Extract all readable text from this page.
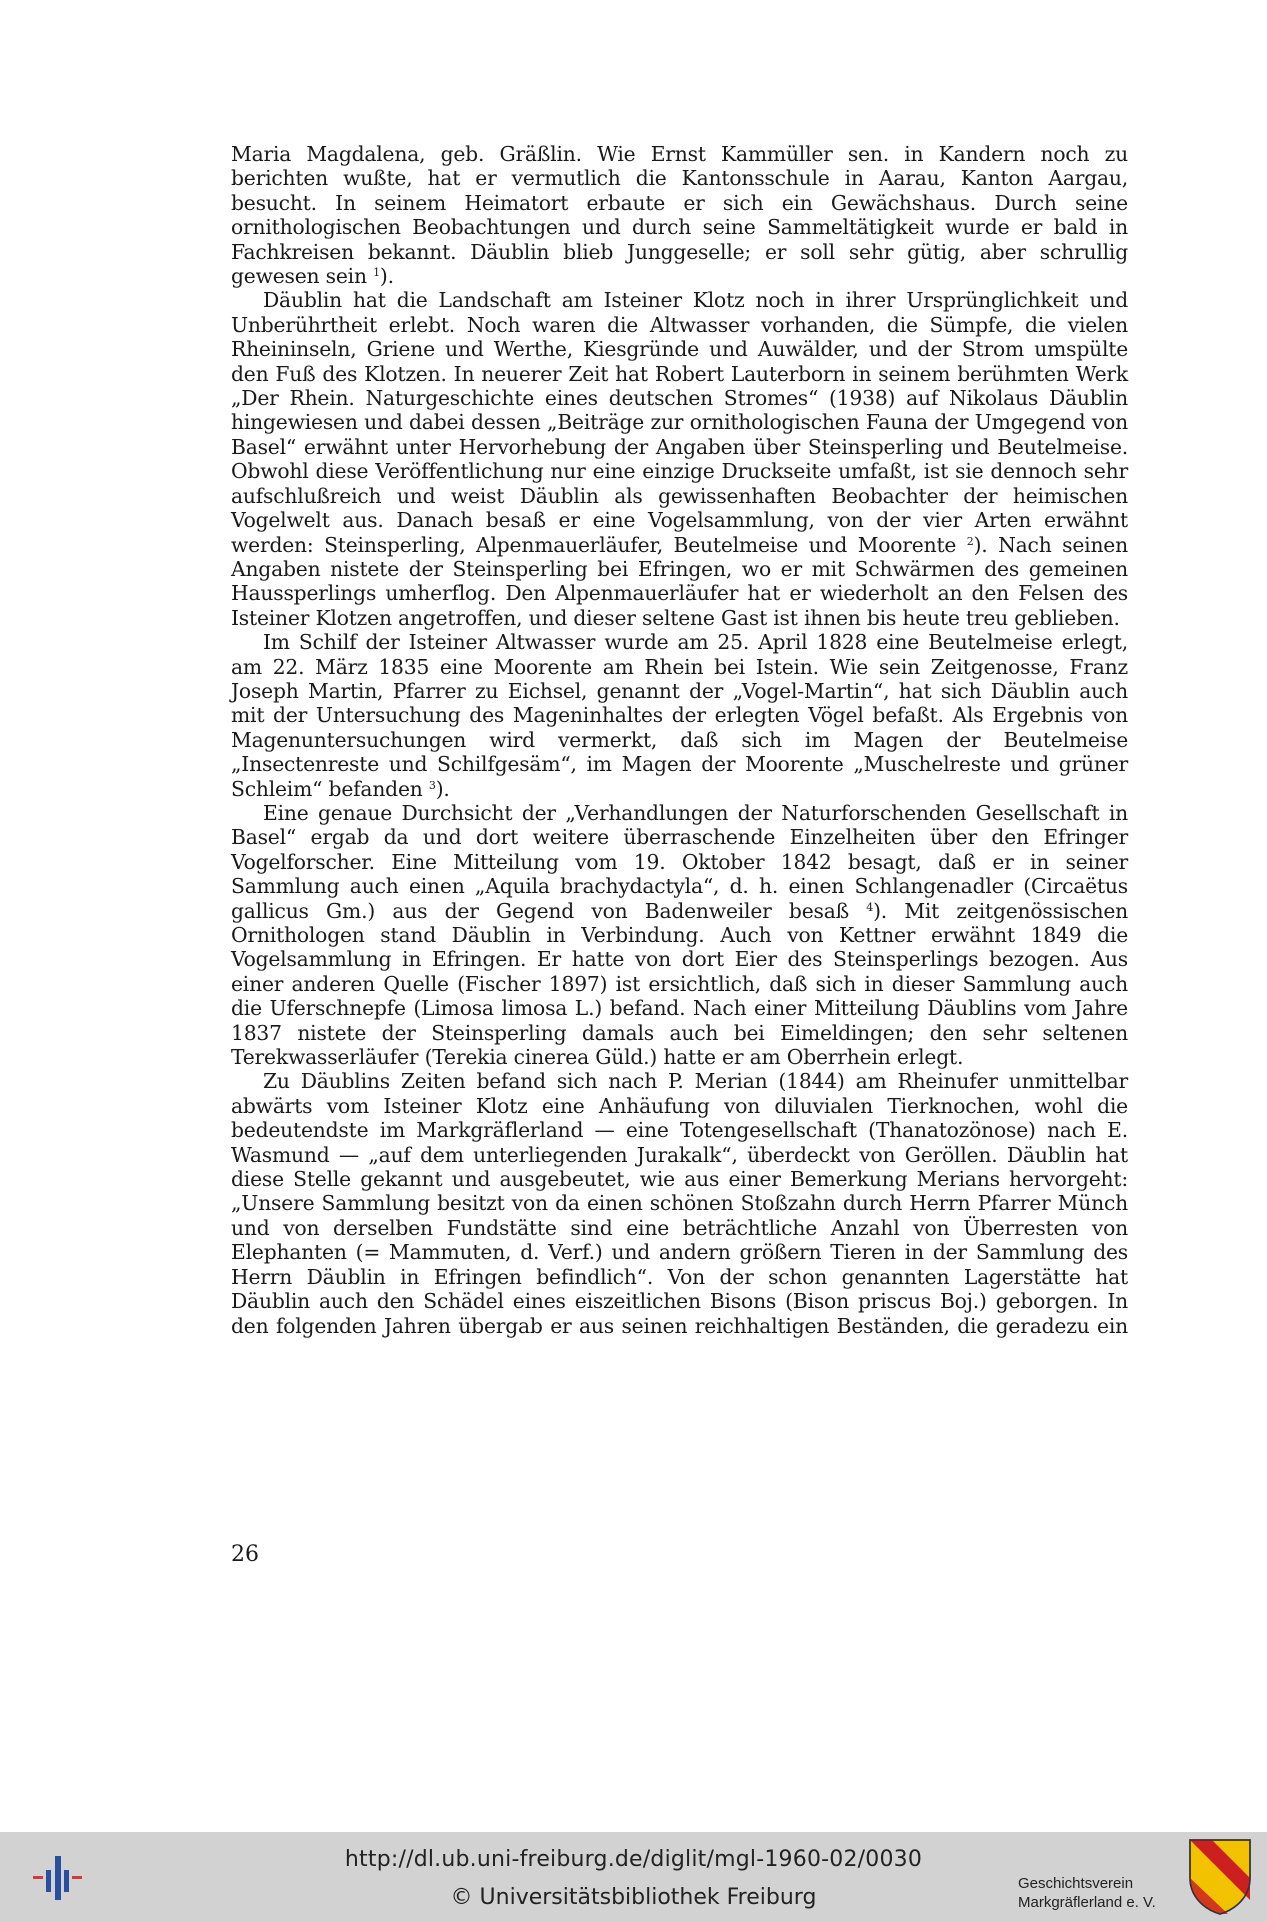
Maria Magdalena, geb. Gräßlin. Wie Ernst Kammüller sen. in Kandern noch zu berichten wußte, hat er vermutlich die Kantonsschule in Aarau, Kanton Aargau, besucht. In seinem Heimatort erbaute er sich ein Gewächshaus. Durch seine ornithologischen Beobachtungen und durch seine Sammeltätigkeit wurde er bald in Fachkreisen bekannt. Däublin blieb Junggeselle; er soll sehr gütig, aber schrullig gewesen sein $^1$).

Däublin hat die Landschaft am Isteiner Klotz noch in ihrer Ursprünglichkeit und Unberührtheit erlebt. Noch waren die Altwasser vorhanden, die Sümpfe, die vielen Rheininseln, Griene und Werthe, Kiesgründe und Auwälder, und der Strom umspülte den Fuß des Klotzen. In neuerer Zeit hat Robert Lauterborn in seinem berühmten Werk „Der Rhein. Naturgeschichte eines deutschen Stromes“ (1938) auf Nikolaus Däublin hingewiesen und dabei dessen „Beiträge zur ornithologischen Fauna der Umgegend von Basel“ erwähnt unter Hervorhebung der Angaben über Steinsperling und Beutelmeise. Obwohl diese Veröffentlichung nur eine einzige Druckseite umfaßt, ist sie dennoch sehr aufschlußreich und weist Däublin als gewissenhaften Beobachter der heimischen Vogelwelt aus. Danach besaß er eine Vogelsammlung, von der vier Arten erwähnt werden: Steinsperling, Alpenmauerläufer, Beutelmeise und Moorente $^2$). Nach seinen Angaben nistete der Steinsperling bei Efringen, wo er mit Schwärmen des gemeinen Haussperlings umherflog. Den Alpenmauerläufer hat er wiederholt an den Felsen des Isteiner Klotzen angetroffen, und dieser seltene Gast ist ihnen bis heute treu geblieben.

Im Schilf der Isteiner Altwasser wurde am 25. April 1828 eine Beutelmeise erlegt, am 22. März 1835 eine Moorente am Rhein bei Istein. Wie sein Zeitgenosse, Franz Joseph Martin, Pfarrer zu Eichsel, genannt der „Vogel-Martin“, hat sich Däublin auch mit der Untersuchung des Mageninhaltes der erlegten Vögel befaßt. Als Ergebnis von Magenuntersuchungen wird vermerkt, daß sich im Magen der Beutelmeise „Insectenreste und Schilfgesäm“, im Magen der Moorente „Muschelreste und grüner Schleim“ befanden $^3$).

Eine genaue Durchsicht der „Verhandlungen der Naturforschenden Gesellschaft in Basel“ ergab da und dort weitere überraschende Einzelheiten über den Efringer Vogelforscher. Eine Mitteilung vom 19. Oktober 1842 besagt, daß er in seiner Sammlung auch einen „Aquila brachydactyla“, d. h. einen Schlangenadler (Circaëtus gallicus Gm.) aus der Gegend von Badenweiler besaß $^4$). Mit zeitgenössischen Ornithologen stand Däublin in Verbindung. Auch von Kettner erwähnt 1849 die Vogelsammlung in Efringen. Er hatte von dort Eier des Steinsperlings bezogen. Aus einer anderen Quelle (Fischer 1897) ist ersichtlich, daß sich in dieser Sammlung auch die Uferschnepfe (Limosa limosa L.) befand. Nach einer Mitteilung Däublins vom Jahre 1837 nistete der Steinsperling damals auch bei Eimeldingen; den sehr seltenen Terekwasserläufer (Terekia cinerea Güld.) hatte er am Oberrhein erlegt.

Zu Däublins Zeiten befand sich nach P. Merian (1844) am Rheinufer unmittelbar abwärts vom Isteiner Klotz eine Anhäufung von diluvialen Tierknochen, wohl die bedeutendste im Markgräflerland — eine Totengesellschaft (Thanatozönose) nach E. Wasmund — „auf dem unterliegenden Jurakalk“, überdeckt von Geröllen. Däublin hat diese Stelle gekannt und ausgebeutet, wie aus einer Bemerkung Merians hervorgeht: „Unsere Sammlung besitzt von da einen schönen Stoßzahn durch Herrn Pfarrer Münch und von derselben Fundstätte sind eine beträchtliche Anzahl von Überresten von Elephanten (= Mammuten, d. Verf.) und andern größern Tieren in der Sammlung des Herrn Däublin in Efringen befindlich“. Von der schon genannten Lagerstätte hat Däublin auch den Schädel eines eiszeitlichen Bisons (Bison priscus Boj.) geborgen. In den folgenden Jahren übergab er aus seinen reichhaltigen Beständen, die geradezu ein

26
http://dl.ub.uni-freiburg.de/diglit/mgl-1960-02/0030
© Universitätsbibliothek Freiburg
Geschichtsverein
Markgräflerland e. V.
